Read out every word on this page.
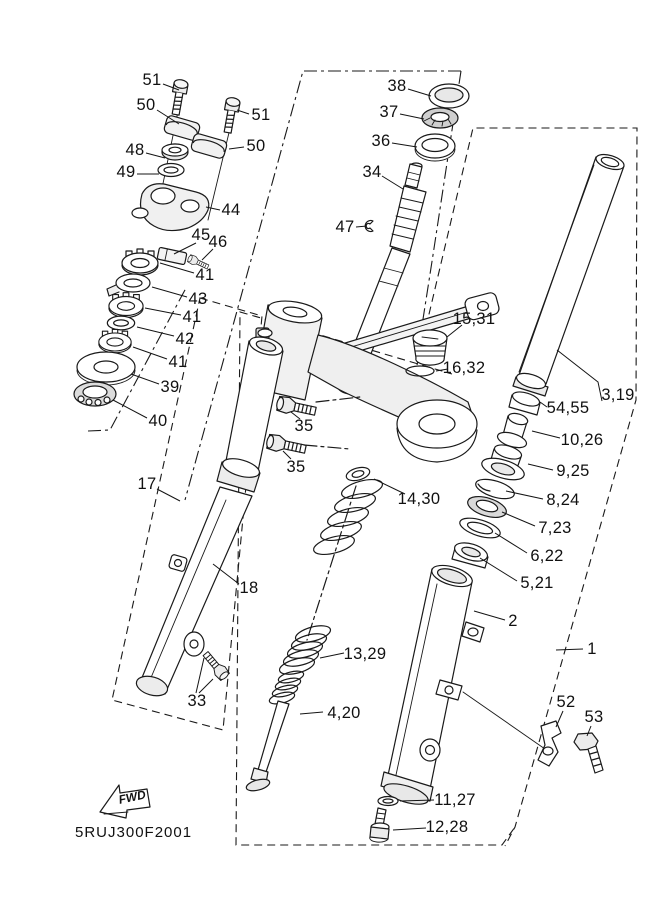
FWD
5RUJ300F2001
51
50
51
50
48
49
44
45
46
41
43
41
42
41
39
40
38
37
36
34
47
15,31
16,32
3,19
54,55
10,26
9,25
8,24
7,23
6,22
5,21
2
1
52
53
11,27
12,28
35
35
14,30
13,29
4,20
17
18
33
